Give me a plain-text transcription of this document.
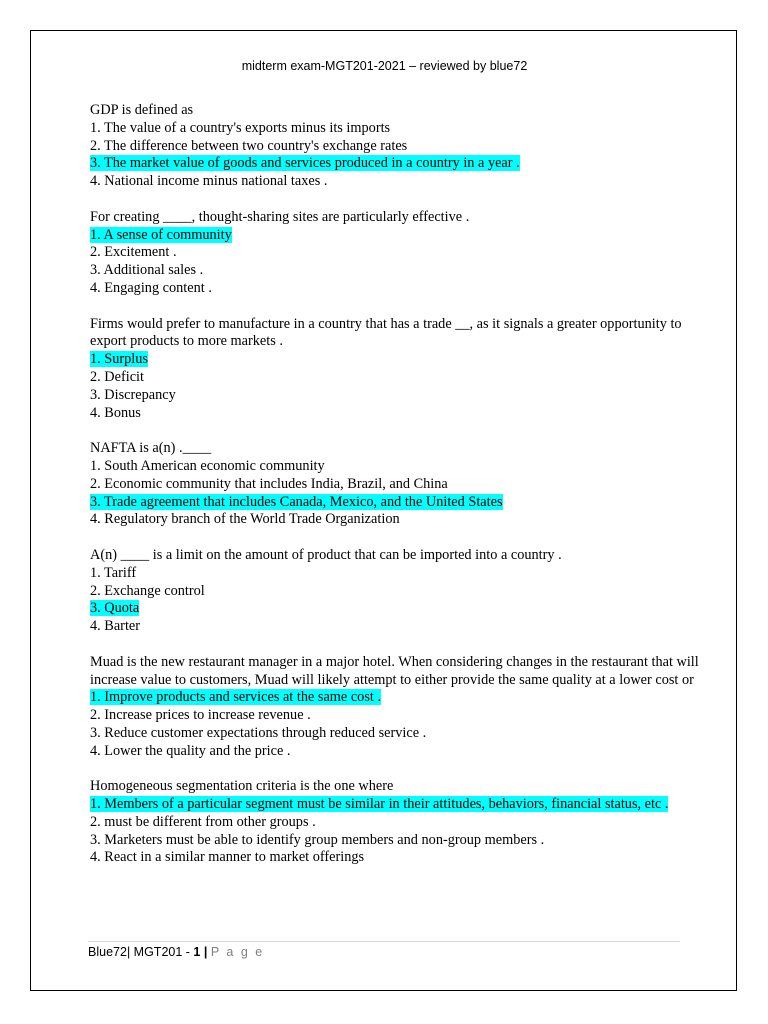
midterm exam-MGT201-2021 – reviewed by blue72
GDP is defined as
1. The value of a country's exports minus its imports
2. The difference between two country's exchange rates
3. The market value of goods and services produced in a country in a year .
4. National income minus national taxes .
For creating ____, thought-sharing sites are particularly effective .
1. A sense of community
2. Excitement .
3. Additional sales .
4. Engaging content .
Firms would prefer to manufacture in a country that has a trade __, as it signals a greater opportunity to export products to more markets .
1. Surplus
2. Deficit
3. Discrepancy
4. Bonus
NAFTA is a(n) .____
1. South American economic community
2. Economic community that includes India, Brazil, and China
3. Trade agreement that includes Canada, Mexico, and the United States
4. Regulatory branch of the World Trade Organization
A(n) ____ is a limit on the amount of product that can be imported into a country .
1. Tariff
2. Exchange control
3. Quota
4. Barter
Muad is the new restaurant manager in a major hotel. When considering changes in the restaurant that will increase value to customers, Muad will likely attempt to either provide the same quality at a lower cost or
1. Improve products and services at the same cost .
2. Increase prices to increase revenue .
3. Reduce customer expectations through reduced service .
4. Lower the quality and the price .
Homogeneous segmentation criteria is the one where
1. Members of a particular segment must be similar in their attitudes, behaviors, financial status, etc .
2. must be different from other groups .
3. Marketers must be able to identify group members and non-group members .
4. React in a similar manner to market offerings
Blue72| MGT201 - 1 | P a g e
